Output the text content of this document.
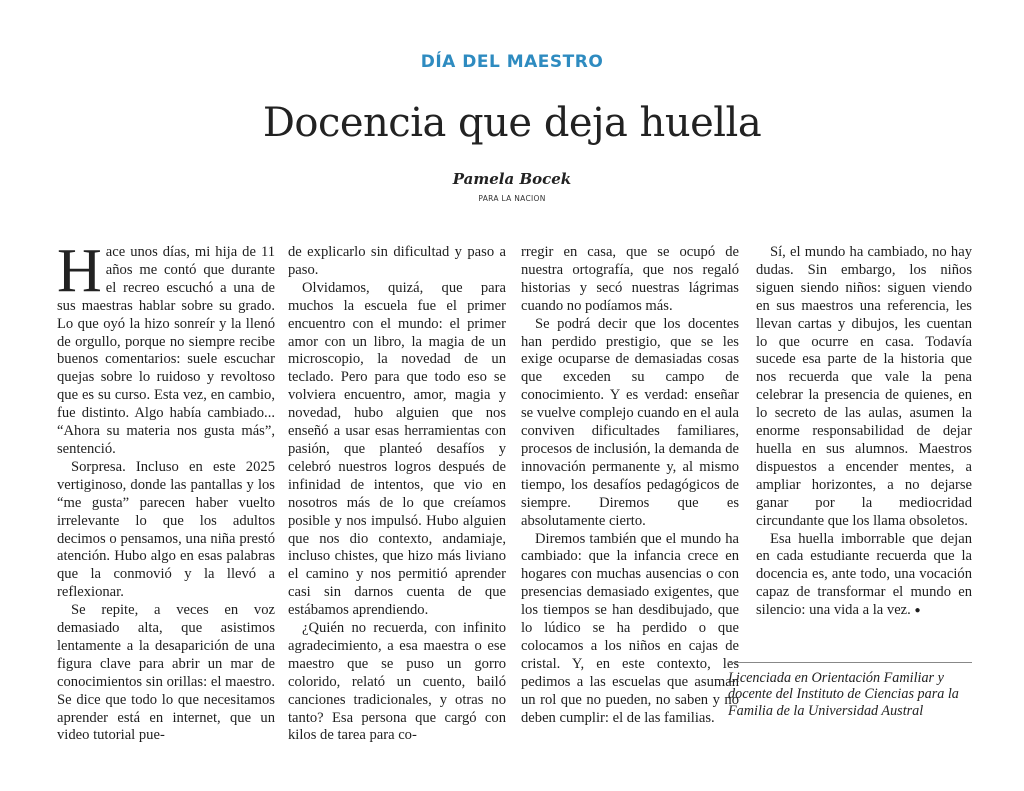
DÍA DEL MAESTRO
Docencia que deja huella
Pamela Bocek
PARA LA NACION

Hace unos días, mi hija de 11 años me contó que durante el recreo escuchó a una de sus maestras hablar sobre su grado. Lo que oyó la hizo sonreír y la llenó de orgullo, porque no siempre recibe buenos comentarios: suele escuchar quejas sobre lo ruidoso y revoltoso que es su curso. Esta vez, en cambio, fue distinto. Algo había cambiado... “Ahora su materia nos gusta más”, sentenció.

Sorpresa. Incluso en este 2025 vertiginoso, donde las pantallas y los “me gusta” parecen haber vuelto irrelevante lo que los adultos decimos o pensamos, una niña prestó atención. Hubo algo en esas palabras que la conmovió y la llevó a reflexionar.

Se repite, a veces en voz demasiado alta, que asistimos lentamente a la desaparición de una figura clave para abrir un mar de conocimientos sin orillas: el maestro. Se dice que todo lo que necesitamos aprender está en internet, que un video tutorial pue-

de explicarlo sin dificultad y paso a paso.

Olvidamos, quizá, que para muchos la escuela fue el primer encuentro con el mundo: el primer amor con un libro, la magia de un microscopio, la novedad de un teclado. Pero para que todo eso se volviera encuentro, amor, magia y novedad, hubo alguien que nos enseñó a usar esas herramientas con pasión, que planteó desafíos y celebró nuestros logros después de infinidad de intentos, que vio en nosotros más de lo que creíamos posible y nos impulsó. Hubo alguien que nos dio contexto, andamiaje, incluso chistes, que hizo más liviano el camino y nos permitió aprender casi sin darnos cuenta de que estábamos aprendiendo.

¿Quién no recuerda, con infinito agradecimiento, a esa maestra o ese maestro que se puso un gorro colorido, relató un cuento, bailó canciones tradicionales, y otras no tanto? Esa persona que cargó con kilos de tarea para co-

rregir en casa, que se ocupó de nuestra ortografía, que nos regaló historias y secó nuestras lágrimas cuando no podíamos más.

Se podrá decir que los docentes han perdido prestigio, que se les exige ocuparse de demasiadas cosas que exceden su campo de conocimiento. Y es verdad: enseñar se vuelve complejo cuando en el aula conviven dificultades familiares, procesos de inclusión, la demanda de innovación permanente y, al mismo tiempo, los desafíos pedagógicos de siempre. Diremos que es absolutamente cierto.

Diremos también que el mundo ha cambiado: que la infancia crece en hogares con muchas ausencias o con presencias demasiado exigentes, que los tiempos se han desdibujado, que lo lúdico se ha perdido o que colocamos a los niños en cajas de cristal. Y, en este contexto, les pedimos a las escuelas que asuman un rol que no pueden, no saben y no deben cumplir: el de las familias.

Sí, el mundo ha cambiado, no hay dudas. Sin embargo, los niños siguen siendo niños: siguen viendo en sus maestros una referencia, les llevan cartas y dibujos, les cuentan lo que ocurre en casa. Todavía sucede esa parte de la historia que nos recuerda que vale la pena celebrar la presencia de quienes, en lo secreto de las aulas, asumen la enorme responsabilidad de dejar huella en sus alumnos. Maestros dispuestos a encender mentes, a ampliar horizontes, a no dejarse ganar por la mediocridad circundante que los llama obsoletos.

Esa huella imborrable que dejan en cada estudiante recuerda que la docencia es, ante todo, una vocación capaz de transformar el mundo en silencio: una vida a la vez. ●

Licenciada en Orientación Familiar y docente del Instituto de Ciencias para la Familia de la Universidad Austral
